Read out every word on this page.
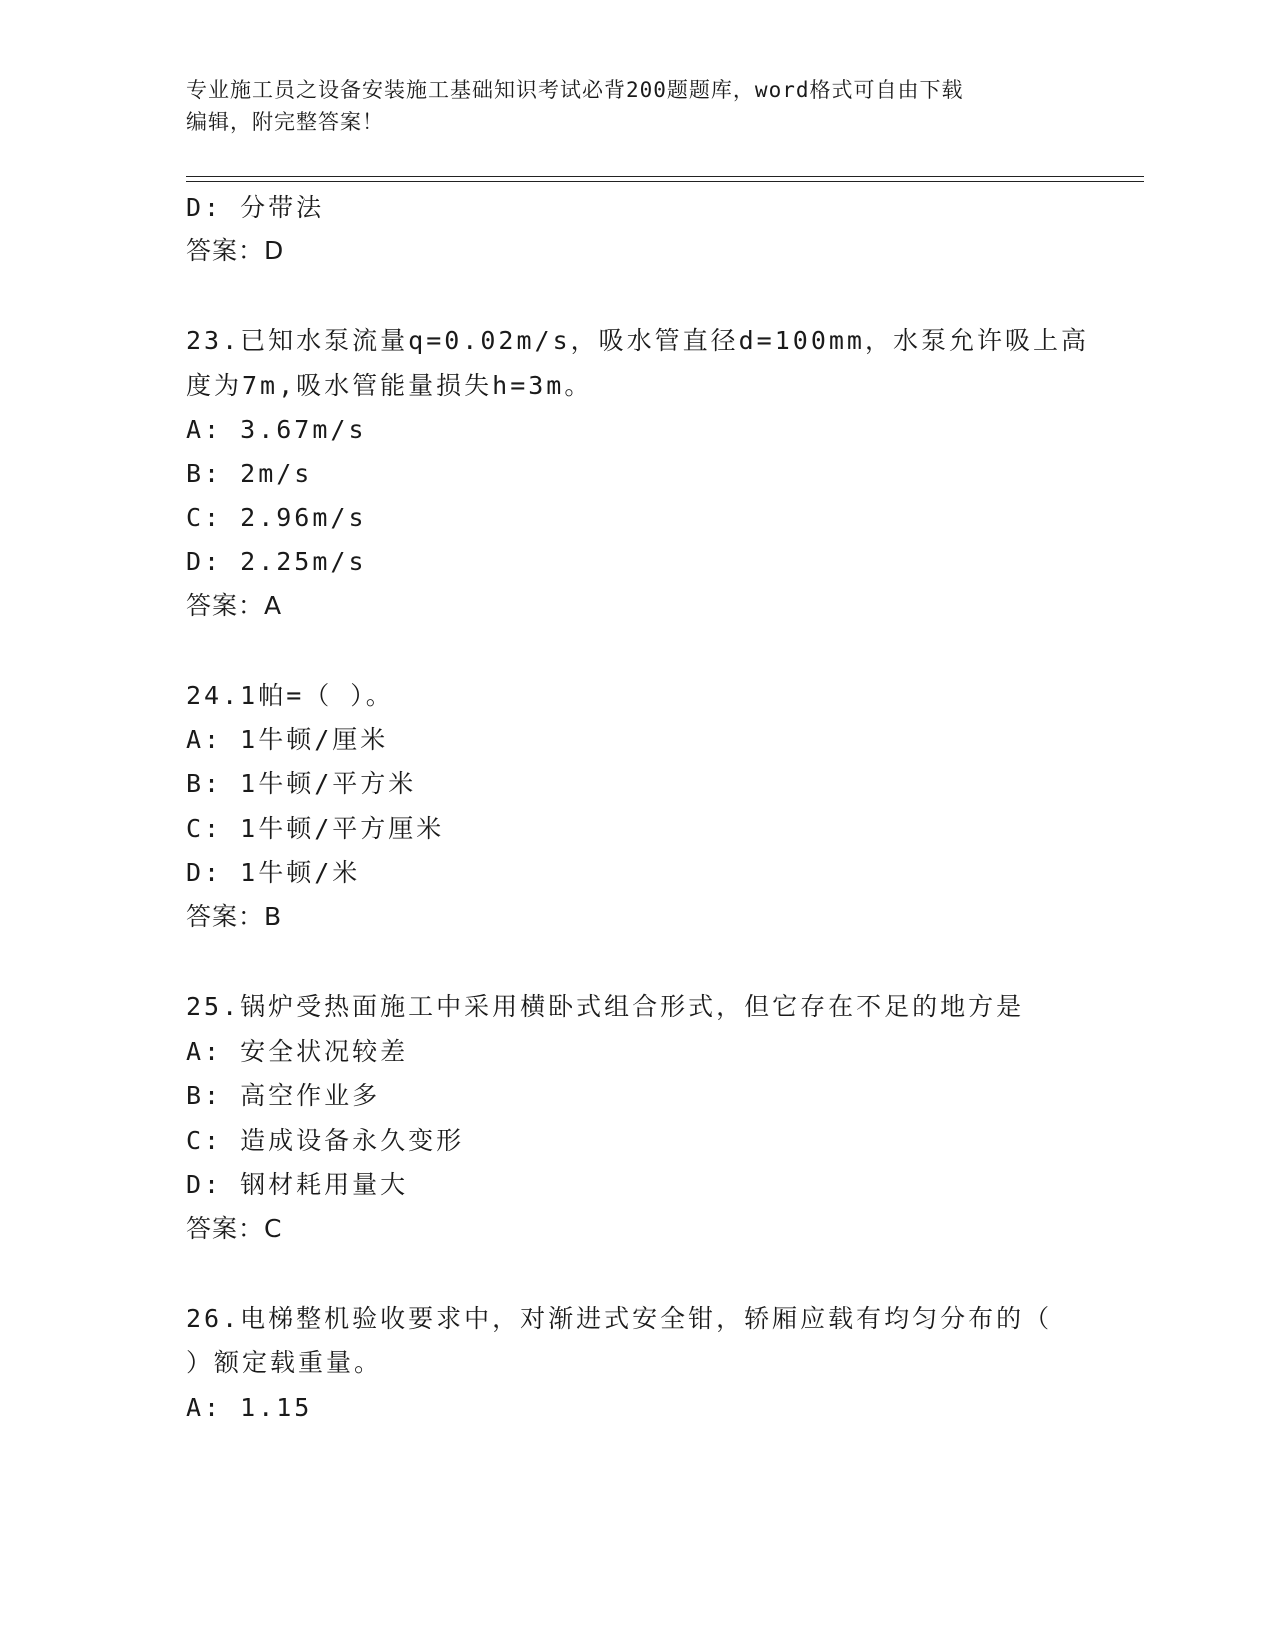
专业施工员之设备安装施工基础知识考试必背200题题库，word格式可自由下载
编辑，附完整答案！
D: 分带法
答案：D
23.已知水泵流量q=0.02m/s，吸水管直径d=100mm，水泵允许吸上高
度为7m,吸水管能量损失h=3m。
A: 3.67m/s
B: 2m/s
C: 2.96m/s
D: 2.25m/s
答案：A
24.1帕=（ ）。
A: 1牛顿/厘米
B: 1牛顿/平方米
C: 1牛顿/平方厘米
D: 1牛顿/米
答案：B
25.锅炉受热面施工中采用横卧式组合形式，但它存在不足的地方是
A: 安全状况较差
B: 高空作业多
C: 造成设备永久变形
D: 钢材耗用量大
答案：C
26.电梯整机验收要求中，对渐进式安全钳，轿厢应载有均匀分布的（
）额定载重量。
A: 1.15
